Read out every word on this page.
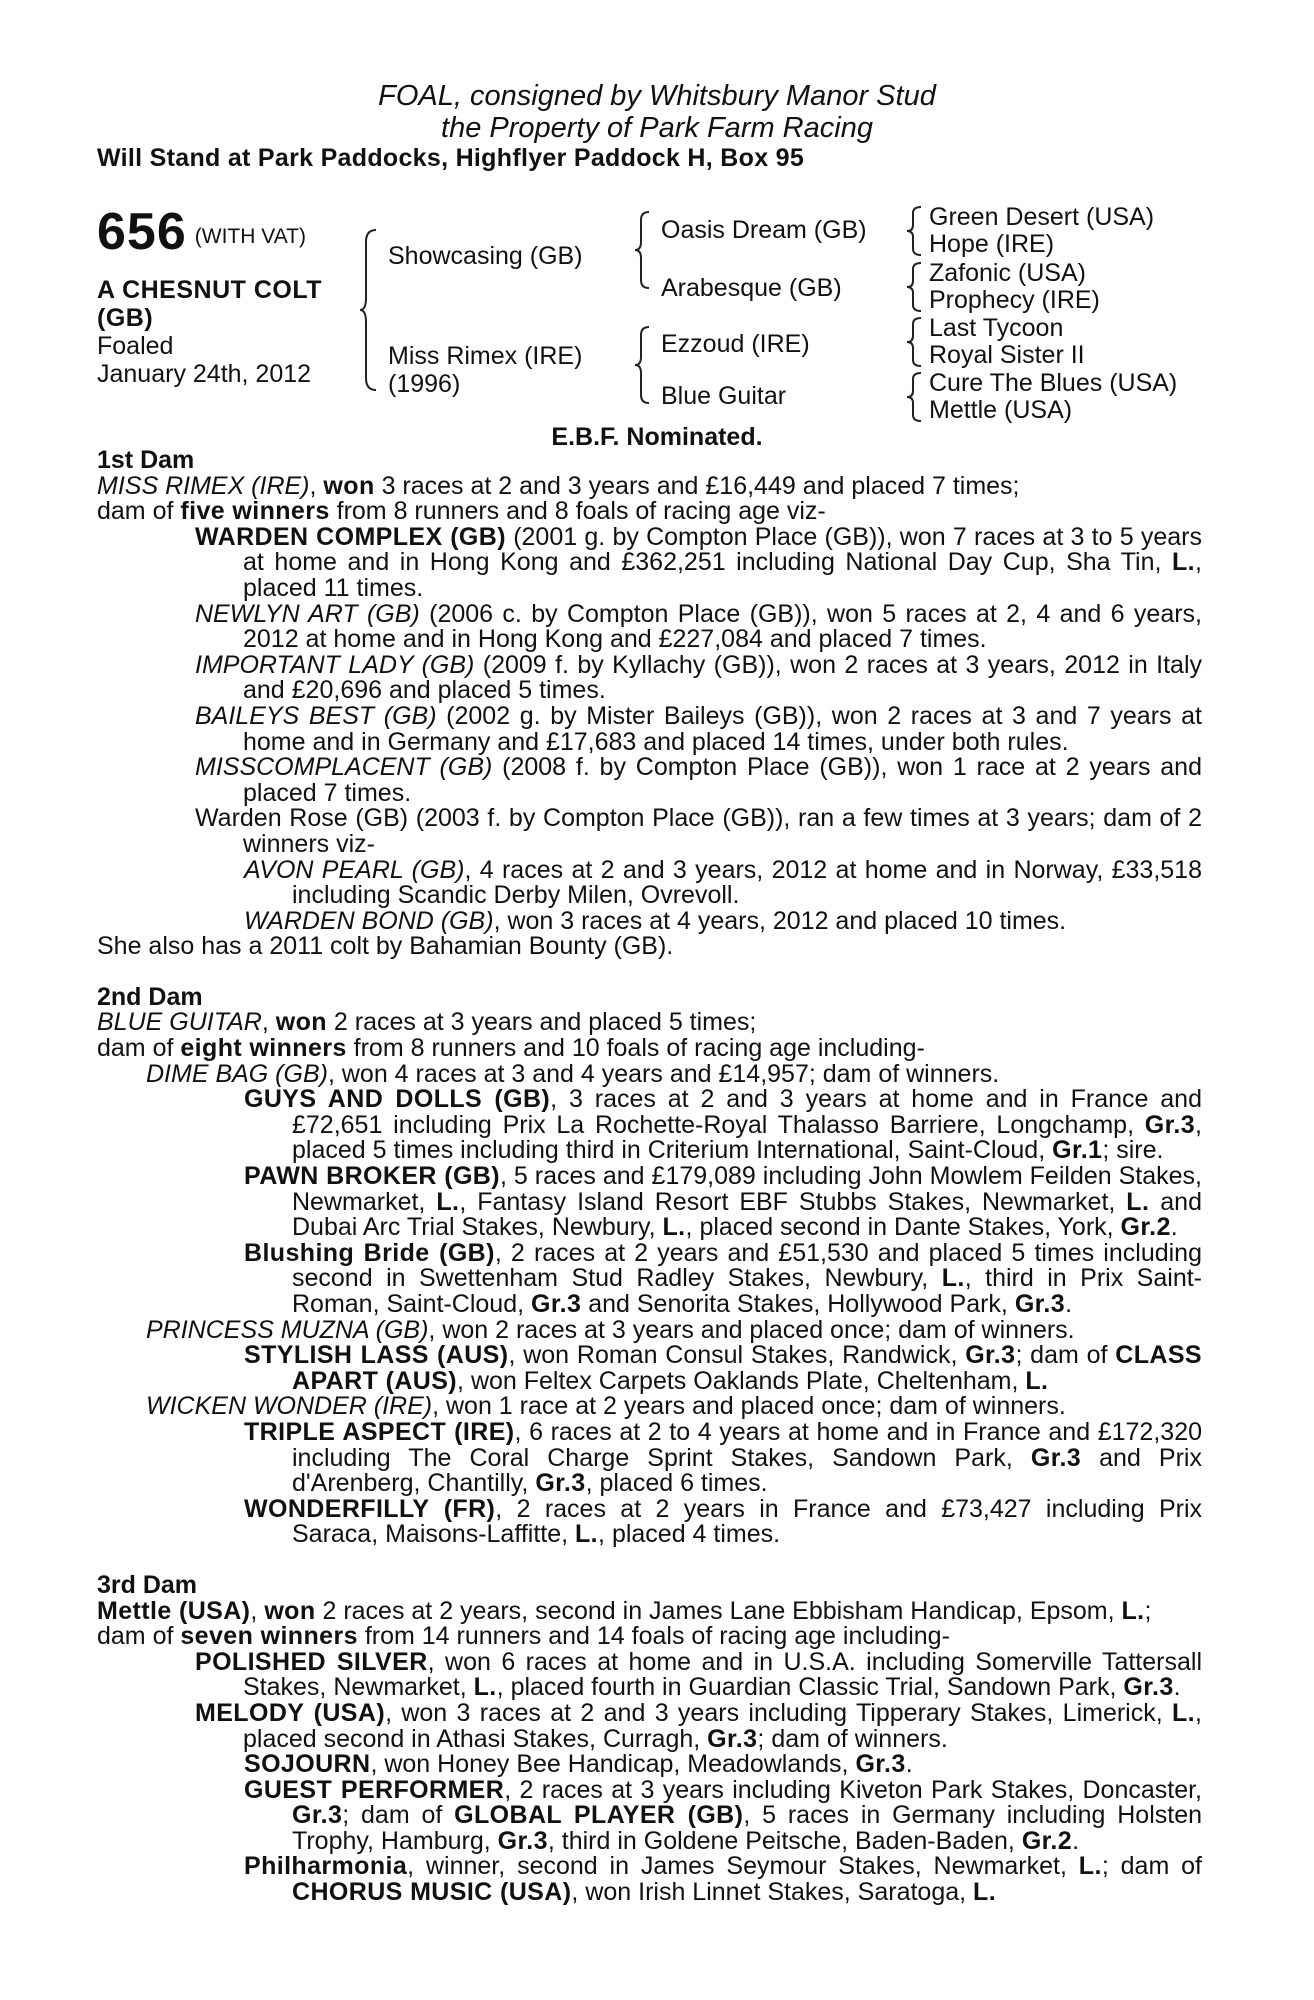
FOAL, consigned by Whitsbury Manor Stud
the Property of Park Farm Racing
Will Stand at Park Paddocks, Highflyer Paddock H, Box 95
656 (WITH VAT)
A CHESNUT COLT
(GB)
Foaled
January 24th, 2012
Showcasing (GB)
Miss Rimex (IRE)
(1996)
Oasis Dream (GB)
Arabesque (GB)
Ezzoud (IRE)
Blue Guitar
Green Desert (USA)
Hope (IRE)
Zafonic (USA)
Prophecy (IRE)
Last Tycoon
Royal Sister II
Cure The Blues (USA)
Mettle (USA)
E.B.F. Nominated.
1st Dam

MISS RIMEX (IRE), won 3 races at 2 and 3 years and £16,449 and placed 7 times;

dam of five winners from 8 runners and 8 foals of racing age viz-

WARDEN COMPLEX (GB) (2001 g. by Compton Place (GB)), won 7 races at 3 to 5 years at home and in Hong Kong and £362,251 including National Day Cup, Sha Tin, L., placed 11 times.

NEWLYN ART (GB) (2006 c. by Compton Place (GB)), won 5 races at 2, 4 and 6 years, 2012 at home and in Hong Kong and £227,084 and placed 7 times.

IMPORTANT LADY (GB) (2009 f. by Kyllachy (GB)), won 2 races at 3 years, 2012 in Italy and £20,696 and placed 5 times.

BAILEYS BEST (GB) (2002 g. by Mister Baileys (GB)), won 2 races at 3 and 7 years at home and in Germany and £17,683 and placed 14 times, under both rules.

MISSCOMPLACENT (GB) (2008 f. by Compton Place (GB)), won 1 race at 2 years and placed 7 times.

Warden Rose (GB) (2003 f. by Compton Place (GB)), ran a few times at 3 years; dam of 2 winners viz-

AVON PEARL (GB), 4 races at 2 and 3 years, 2012 at home and in Norway, £33,518 including Scandic Derby Milen, Ovrevoll.

WARDEN BOND (GB), won 3 races at 4 years, 2012 and placed 10 times.

She also has a 2011 colt by Bahamian Bounty (GB).

2nd Dam

BLUE GUITAR, won 2 races at 3 years and placed 5 times;

dam of eight winners from 8 runners and 10 foals of racing age including-

DIME BAG (GB), won 4 races at 3 and 4 years and £14,957; dam of winners.

GUYS AND DOLLS (GB), 3 races at 2 and 3 years at home and in France and £72,651 including Prix La Rochette-Royal Thalasso Barriere, Longchamp, Gr.3, placed 5 times including third in Criterium International, Saint-Cloud, Gr.1; sire.

PAWN BROKER (GB), 5 races and £179,089 including John Mowlem Feilden Stakes, Newmarket, L., Fantasy Island Resort EBF Stubbs Stakes, Newmarket, L. and Dubai Arc Trial Stakes, Newbury, L., placed second in Dante Stakes, York, Gr.2.

Blushing Bride (GB), 2 races at 2 years and £51,530 and placed 5 times including second in Swettenham Stud Radley Stakes, Newbury, L., third in Prix Saint-Roman, Saint-Cloud, Gr.3 and Senorita Stakes, Hollywood Park, Gr.3.

PRINCESS MUZNA (GB), won 2 races at 3 years and placed once; dam of winners.

STYLISH LASS (AUS), won Roman Consul Stakes, Randwick, Gr.3; dam of CLASS APART (AUS), won Feltex Carpets Oaklands Plate, Cheltenham, L.

WICKEN WONDER (IRE), won 1 race at 2 years and placed once; dam of winners.

TRIPLE ASPECT (IRE), 6 races at 2 to 4 years at home and in France and £172,320 including The Coral Charge Sprint Stakes, Sandown Park, Gr.3 and Prix d'Arenberg, Chantilly, Gr.3, placed 6 times.

WONDERFILLY (FR), 2 races at 2 years in France and £73,427 including Prix Saraca, Maisons-Laffitte, L., placed 4 times.

3rd Dam

Mettle (USA), won 2 races at 2 years, second in James Lane Ebbisham Handicap, Epsom, L.;

dam of seven winners from 14 runners and 14 foals of racing age including-

POLISHED SILVER, won 6 races at home and in U.S.A. including Somerville Tattersall Stakes, Newmarket, L., placed fourth in Guardian Classic Trial, Sandown Park, Gr.3.

MELODY (USA), won 3 races at 2 and 3 years including Tipperary Stakes, Limerick, L., placed second in Athasi Stakes, Curragh, Gr.3; dam of winners.

SOJOURN, won Honey Bee Handicap, Meadowlands, Gr.3.

GUEST PERFORMER, 2 races at 3 years including Kiveton Park Stakes, Doncaster, Gr.3; dam of GLOBAL PLAYER (GB), 5 races in Germany including Holsten Trophy, Hamburg, Gr.3, third in Goldene Peitsche, Baden-Baden, Gr.2.

Philharmonia, winner, second in James Seymour Stakes, Newmarket, L.; dam of CHORUS MUSIC (USA), won Irish Linnet Stakes, Saratoga, L.
